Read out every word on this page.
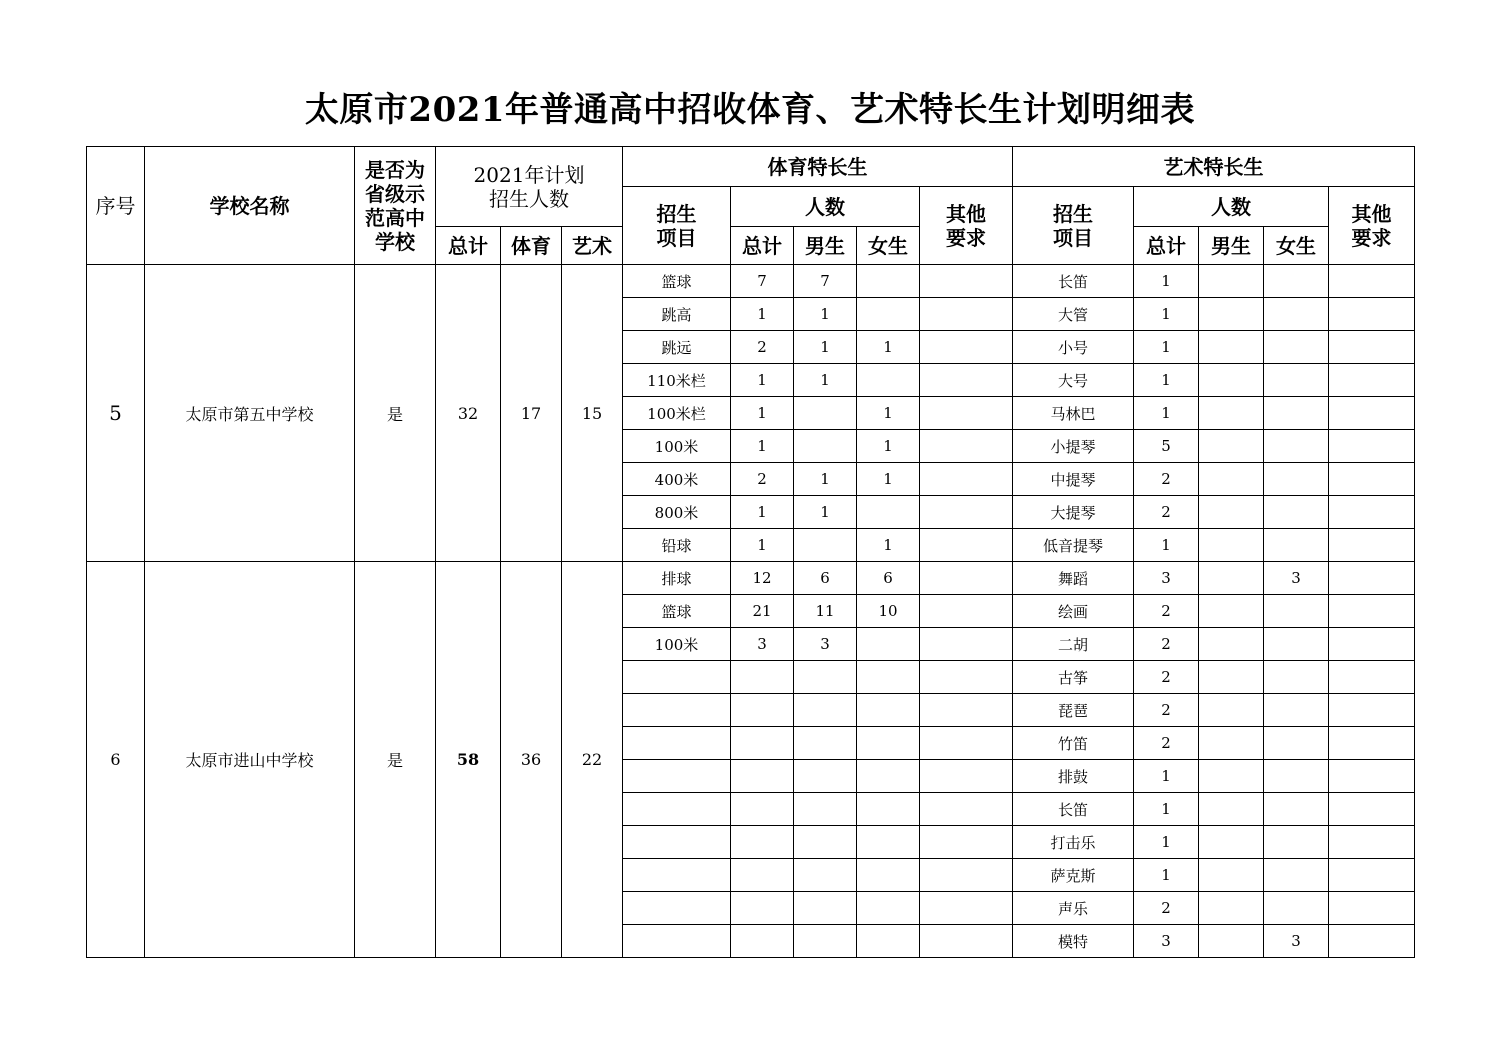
太原市2021年普通高中招收体育、艺术特长生计划明细表
序号	学校名称	是否为省级示范高中学校	2021年计划招生人数			体育特长生					艺术特长生				
						招生项目	人数			其他要求	招生项目	人数			其他要求
			总计	体育	艺术		总计	男生	女生			总计	男生	女生	
5	太原市第五中学校	是	32	17	15	篮球	7	7			长笛	1			
						跳高	1	1			大管	1			
						跳远	2	1	1		小号	1			
						110米栏	1	1			大号	1			
						100米栏	1		1		马林巴	1			
						100米	1		1		小提琴	5			
						400米	2	1	1		中提琴	2			
						800米	1	1			大提琴	2			
						铅球	1		1		低音提琴	1			
6	太原市进山中学校	是	58	36	22	排球	12	6	6		舞蹈	3		3	
						篮球	21	11	10		绘画	2			
						100米	3	3			二胡	2			
											古筝	2			
											琵琶	2			
											竹笛	2			
											排鼓	1			
											长笛	1			
											打击乐	1			
											萨克斯	1			
											声乐	2			
											模特	3		3	
